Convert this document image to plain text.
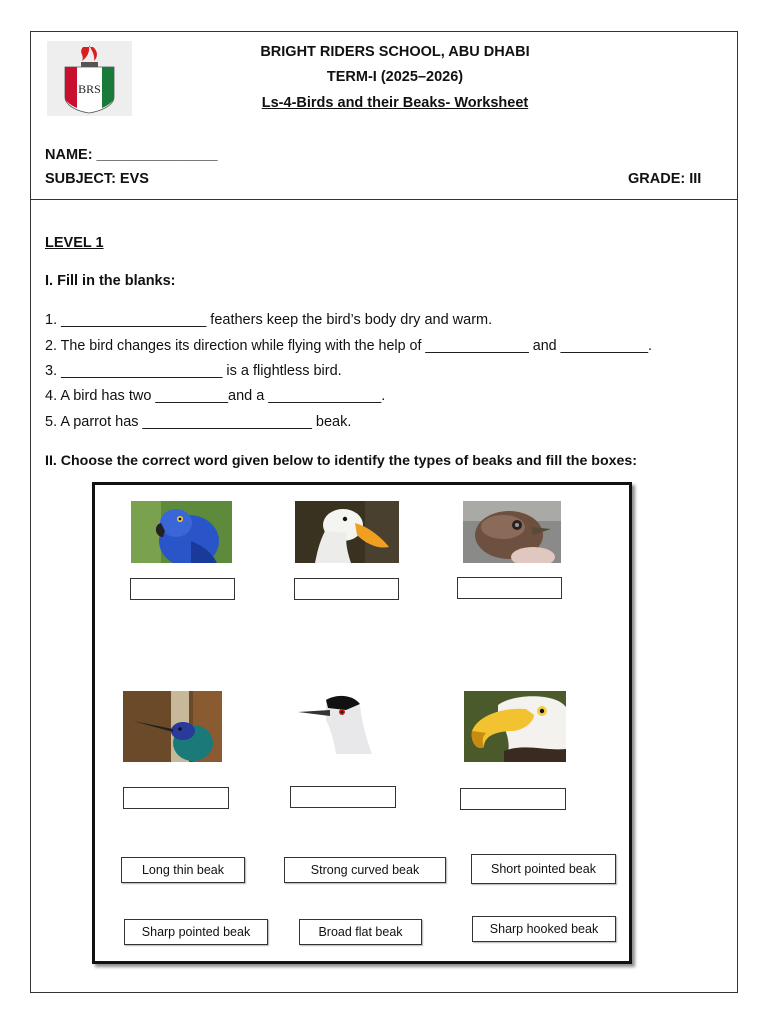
BRS
BRIGHT RIDERS SCHOOL, ABU DHABI
TERM-I (2025–2026)
Ls-4-Birds and their Beaks- Worksheet
NAME: _______________
SUBJECT: EVS	GRADE: III
LEVEL 1
I. Fill in the blanks:
1. __________________ feathers keep the bird’s body dry and warm.
2. The bird changes its direction while flying with the help of _____________ and ___________.
3. ____________________ is a flightless bird.
4. A bird has two _________and a ______________.
5. A parrot has _____________________ beak.
II. Choose the correct word given below to identify the types of beaks and fill the boxes:
Long thin beak	Strong curved beak	Short pointed beak
Sharp pointed beak	Broad flat beak	Sharp hooked beak
